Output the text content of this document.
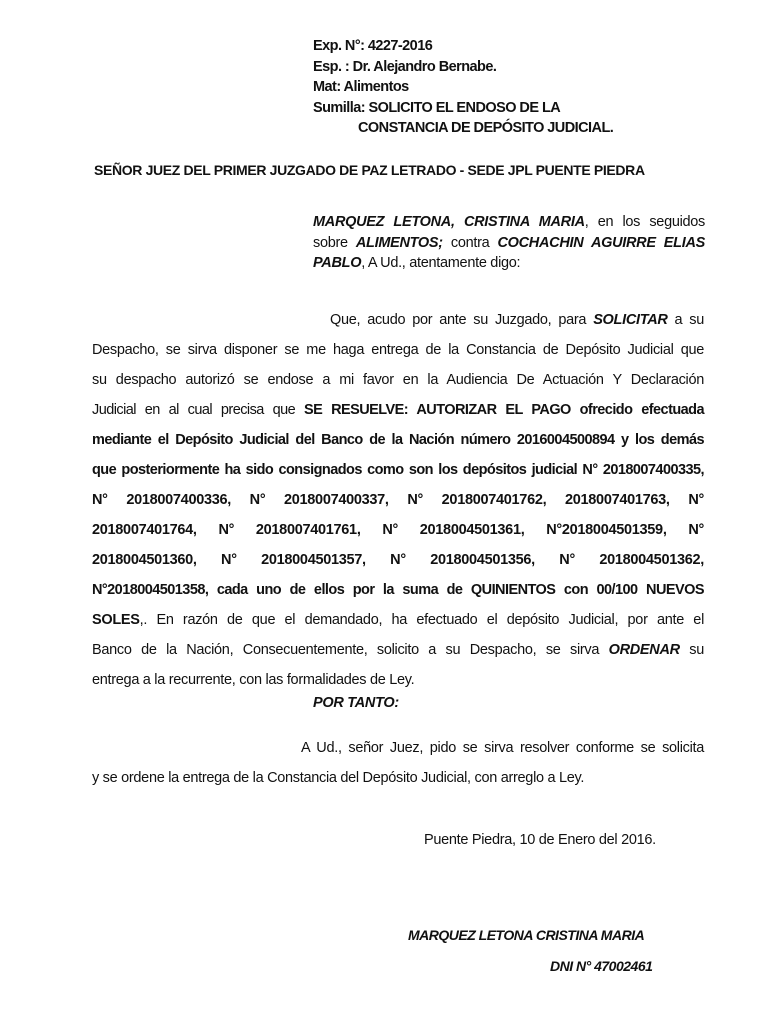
Exp. N°: 4227-2016
Esp. : Dr. Alejandro Bernabe.
Mat: Alimentos
Sumilla: SOLICITO EL ENDOSO DE LA
CONSTANCIA DE DEPÓSITO JUDICIAL.
SEÑOR JUEZ DEL PRIMER JUZGADO DE PAZ LETRADO - SEDE JPL PUENTE PIEDRA
MARQUEZ LETONA, CRISTINA MARIA, en los seguidos
sobre ALIMENTOS; contra COCHACHIN AGUIRRE ELIAS
PABLO, A Ud., atentamente digo:
Que, acudo por ante su Juzgado, para SOLICITAR a su
Despacho, se sirva disponer se me haga entrega de la Constancia de Depósito Judicial que
su despacho autorizó se endose a mi favor en la Audiencia De Actuación Y Declaración
Judicial en al cual precisa que SE RESUELVE: AUTORIZAR EL PAGO ofrecido efectuada
mediante el Depósito Judicial del Banco de la Nación número 2016004500894 y los demás
que posteriormente ha sido consignados como son los depósitos judicial N° 2018007400335,
N° 2018007400336, N° 2018007400337, N° 2018007401762, 2018007401763, N°
2018007401764, N° 2018007401761, N° 2018004501361, N°2018004501359, N°
2018004501360, N° 2018004501357, N° 2018004501356, N° 2018004501362,
N°2018004501358, cada uno de ellos por la suma de QUINIENTOS con 00/100 NUEVOS
SOLES,. En razón de que el demandado, ha efectuado el depósito Judicial, por ante el
Banco de la Nación, Consecuentemente, solicito a su Despacho, se sirva ORDENAR su
entrega a la recurrente, con las formalidades de Ley.
POR TANTO:
A Ud., señor Juez, pido se sirva resolver conforme se solicita
y se ordene la entrega de la Constancia del Depósito Judicial, con arreglo a Ley.
Puente Piedra, 10 de Enero del 2016.
MARQUEZ LETONA CRISTINA MARIA
DNI N° 47002461
